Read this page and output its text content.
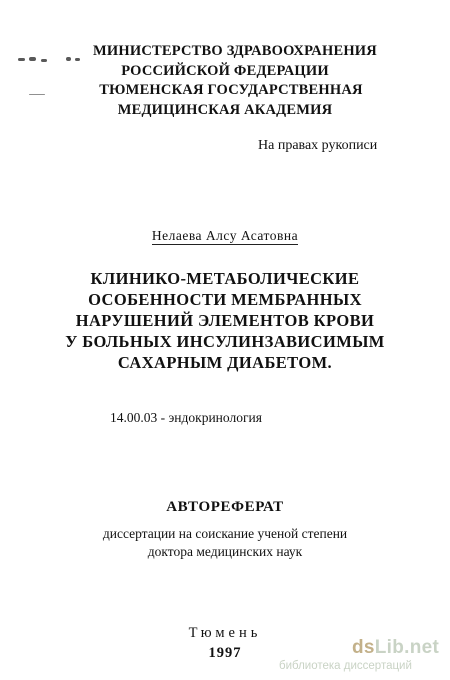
МИНИСТЕРСТВО ЗДРАВООХРАНЕНИЯ
РОССИЙСКОЙ ФЕДЕРАЦИИ
ТЮМЕНСКАЯ ГОСУДАРСТВЕННАЯ
МЕДИЦИНСКАЯ АКАДЕМИЯ
На правах рукописи
Нелаева Алсу Асатовна
КЛИНИКО-МЕТАБОЛИЧЕСКИЕ
ОСОБЕННОСТИ МЕМБРАННЫХ
НАРУШЕНИЙ ЭЛЕМЕНТОВ КРОВИ
У БОЛЬНЫХ ИНСУЛИНЗАВИСИМЫМ
САХАРНЫМ ДИАБЕТОМ.
14.00.03 - эндокринология
АВТОРЕФЕРАТ
диссертации на соискание ученой степени
доктора медицинских наук
Тюмень
1997	dsLib.net
библиотека диссертаций
